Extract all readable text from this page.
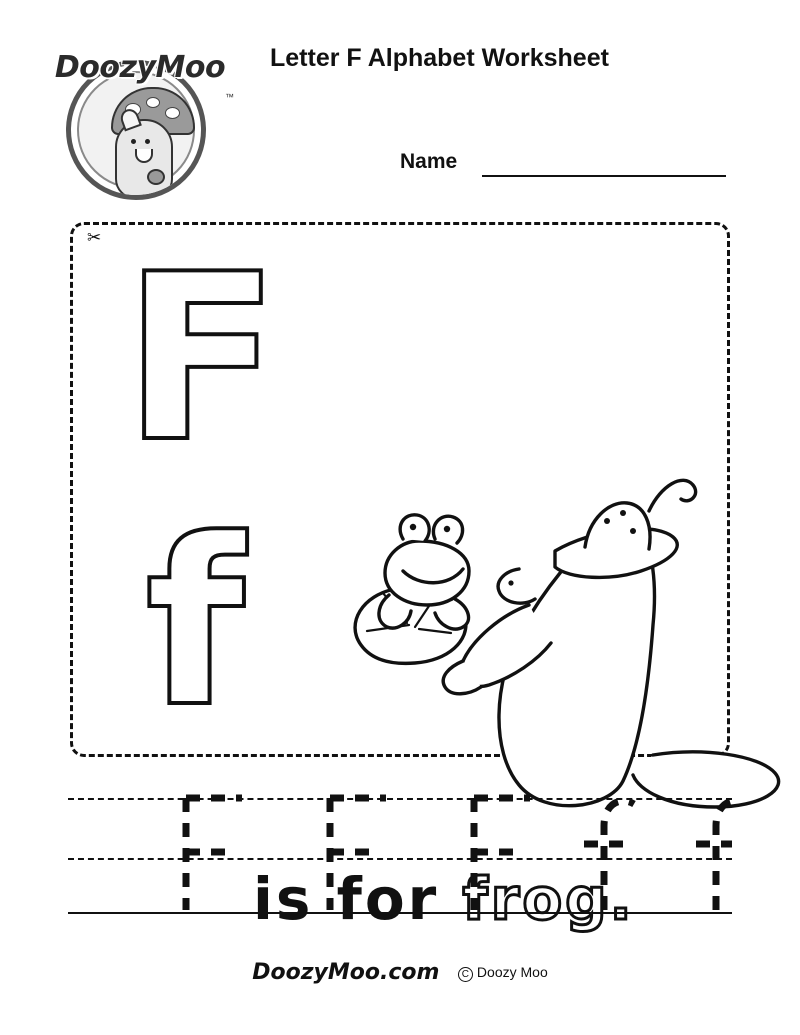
DoozyMoo
™
Letter F Alphabet Worksheet
Name
✂ F
f
is for frog.
DoozyMoo.com C Doozy Moo
